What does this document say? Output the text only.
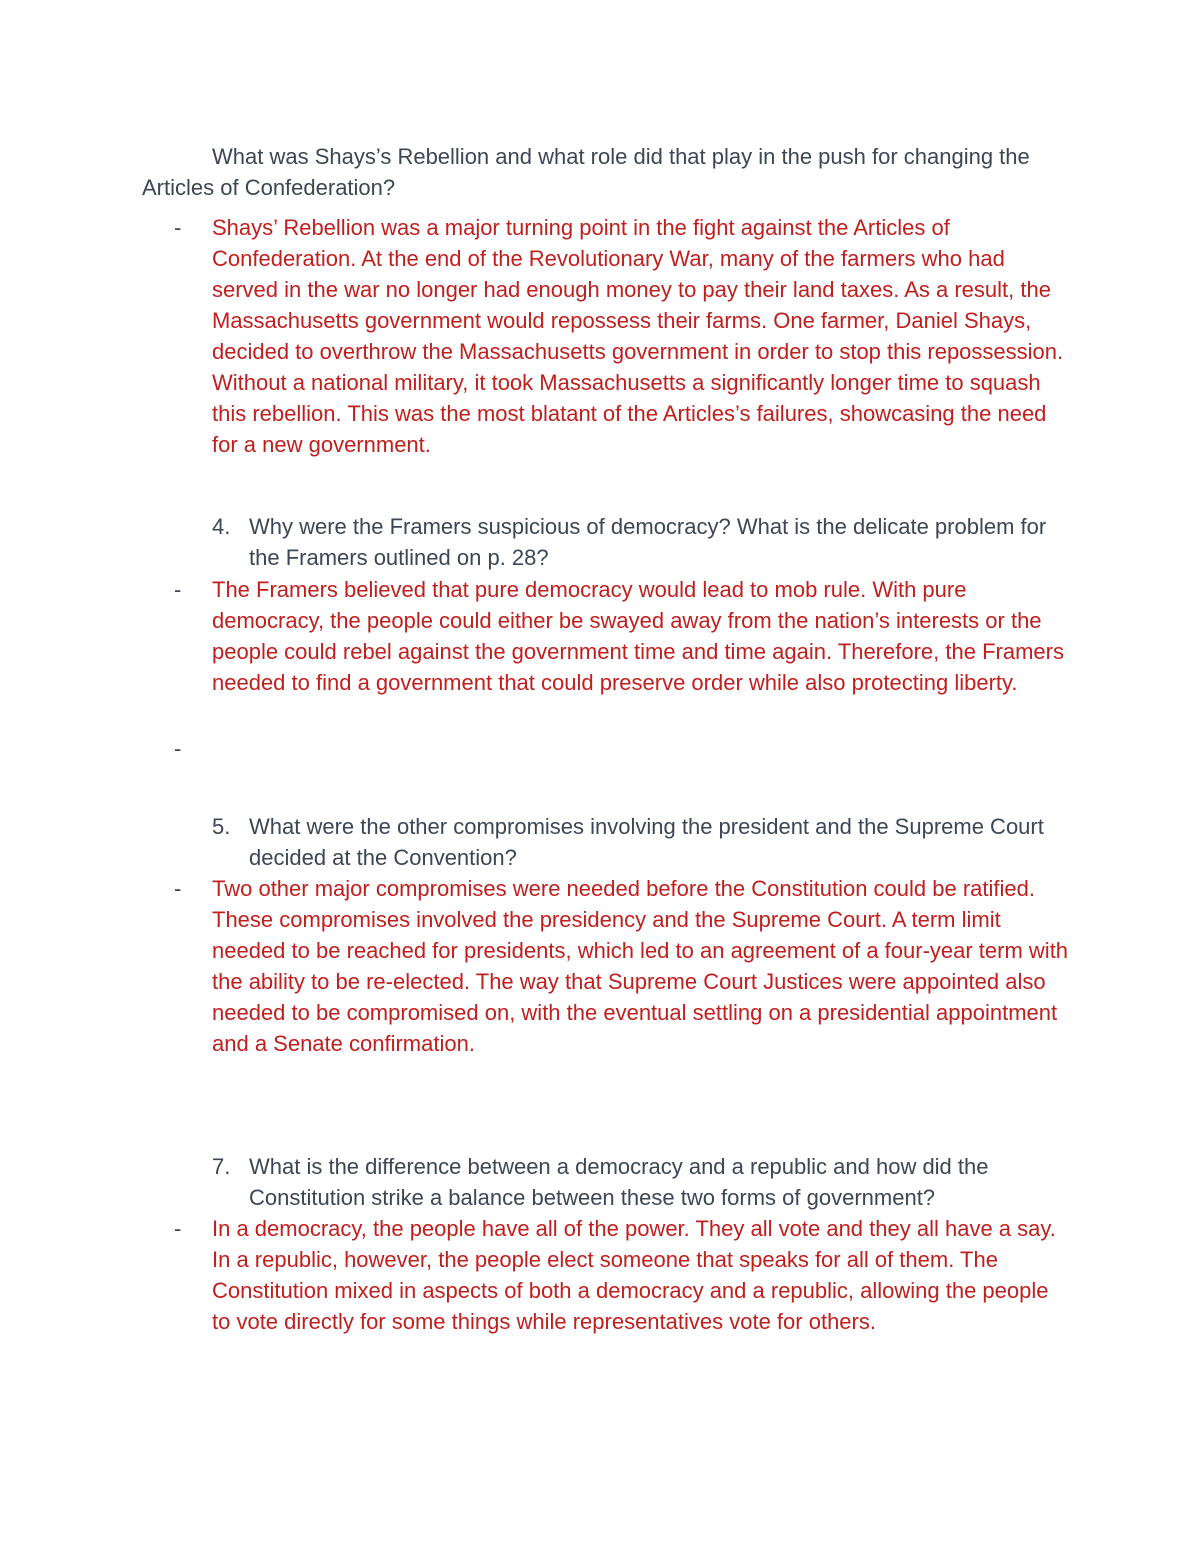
What was Shays’s Rebellion and what role did that play in the push for changing the Articles of Confederation?
- Shays’ Rebellion was a major turning point in the fight against the Articles of Confederation. At the end of the Revolutionary War, many of the farmers who had served in the war no longer had enough money to pay their land taxes. As a result, the Massachusetts government would repossess their farms. One farmer, Daniel Shays, decided to overthrow the Massachusetts government in order to stop this repossession. Without a national military, it took Massachusetts a significantly longer time to squash this rebellion. This was the most blatant of the Articles’s failures, showcasing the need for a new government.
4. Why were the Framers suspicious of democracy? What is the delicate problem for the Framers outlined on p. 28?
- The Framers believed that pure democracy would lead to mob rule. With pure democracy, the people could either be swayed away from the nation’s interests or the people could rebel against the government time and time again. Therefore, the Framers needed to find a government that could preserve order while also protecting liberty.
-
5. What were the other compromises involving the president and the Supreme Court decided at the Convention?
- Two other major compromises were needed before the Constitution could be ratified. These compromises involved the presidency and the Supreme Court. A term limit needed to be reached for presidents, which led to an agreement of a four-year term with the ability to be re-elected. The way that Supreme Court Justices were appointed also needed to be compromised on, with the eventual settling on a presidential appointment and a Senate confirmation.
7. What is the difference between a democracy and a republic and how did the Constitution strike a balance between these two forms of government?
- In a democracy, the people have all of the power. They all vote and they all have a say. In a republic, however, the people elect someone that speaks for all of them. The Constitution mixed in aspects of both a democracy and a republic, allowing the people to vote directly for some things while representatives vote for others.
